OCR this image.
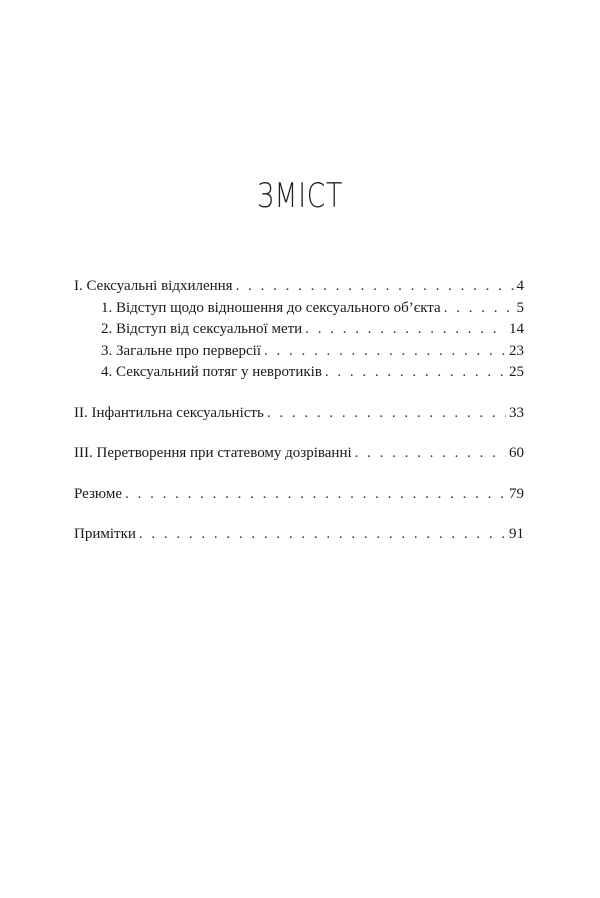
ЗМІСТ
I. Сексуальні відхилення . . .	4
1. Відступ щодо відношення до сексуального об’єкта . . .	5
2. Відступ від сексуальної мети . . .	14
3. Загальне про перверсії . . .	23
4. Сексуальний потяг у невротиків . . .	25
II. Інфантильна сексуальність . . .	33
III. Перетворення при статевому дозріванні . . .	60
Резюме . . .	79
Примітки . . .	91
